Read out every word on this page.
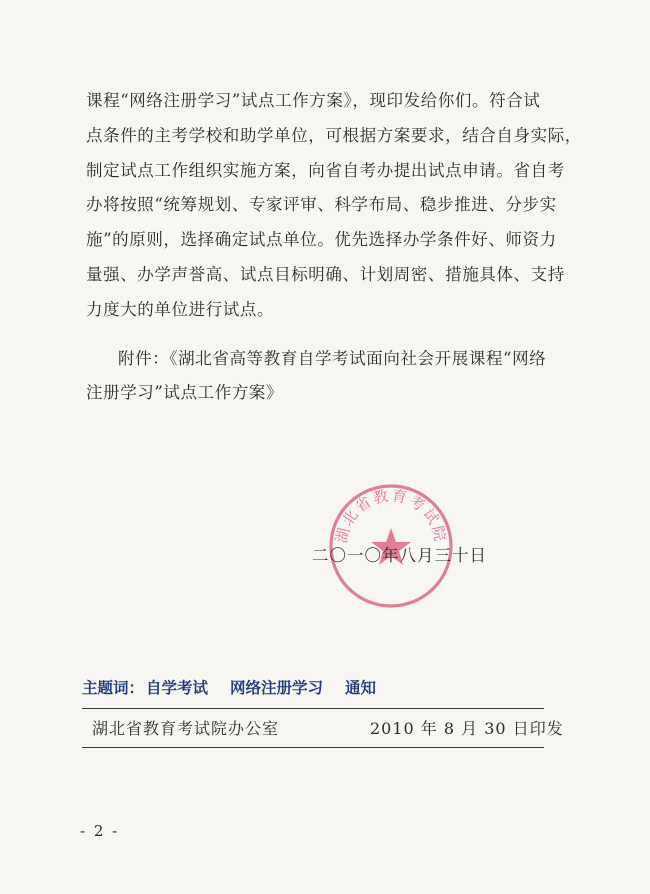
课程“网络注册学习”试点工作方案》，现印发给你们。符合试
点条件的主考学校和助学单位，可根据方案要求，结合自身实际，
制定试点工作组织实施方案，向省自考办提出试点申请。省自考
办将按照“统筹规划、专家评审、科学布局、稳步推进、分步实
施”的原则，选择确定试点单位。优先选择办学条件好、师资力
量强、办学声誉高、试点目标明确、计划周密、措施具体、支持
力度大的单位进行试点。
附件：《湖北省高等教育自学考试面向社会开展课程“网络
注册学习”试点工作方案》
湖北省教育考试院
二〇一〇年八月三十日
主题词： 自学考试 网络注册学习 通知
湖北省教育考试院办公室	2010 年 8 月 30 日印发
- 2 -
